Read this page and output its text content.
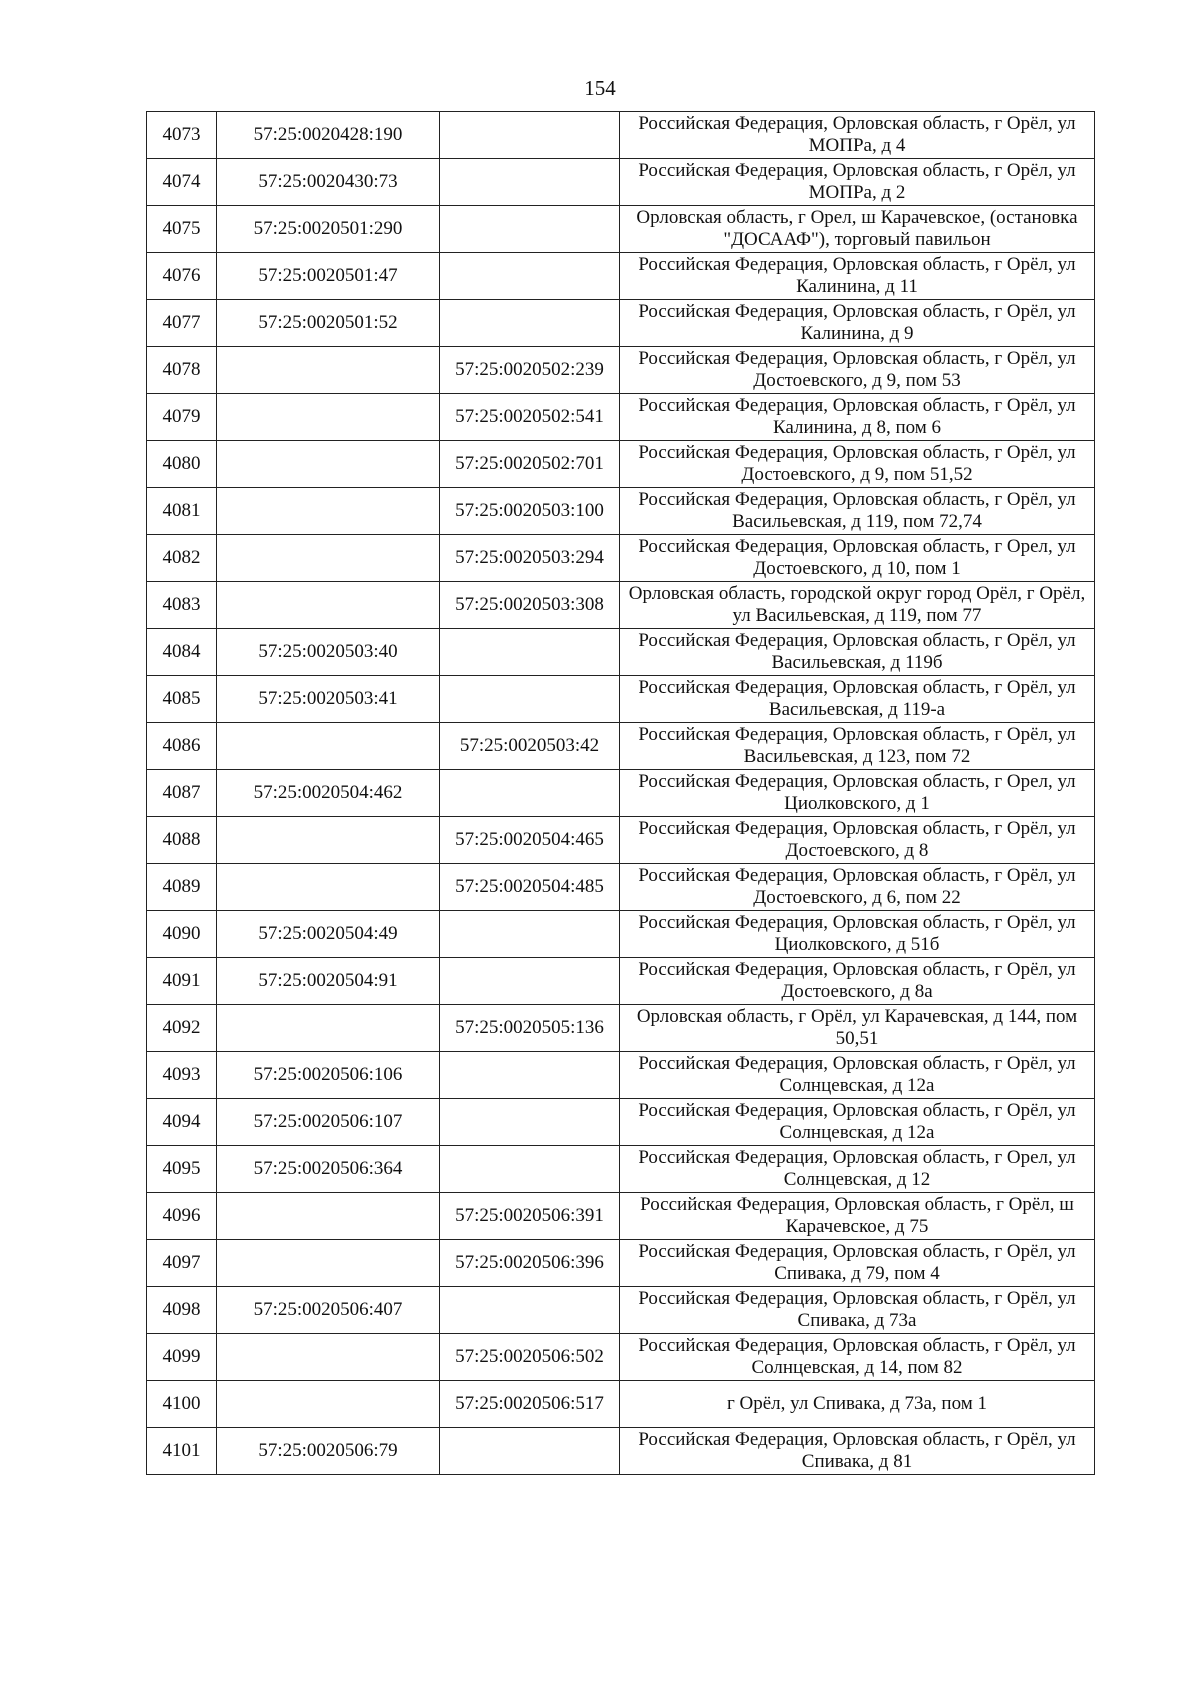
154
4073	57:25:0020428:190		Российская Федерация, Орловская область, г Орёл, ул МОПРа, д 4
4074	57:25:0020430:73		Российская Федерация, Орловская область, г Орёл, ул МОПРа, д 2
4075	57:25:0020501:290		Орловская область, г Орел, ш Карачевское, (остановка "ДОСААФ"), торговый павильон
4076	57:25:0020501:47		Российская Федерация, Орловская область, г Орёл, ул Калинина, д 11
4077	57:25:0020501:52		Российская Федерация, Орловская область, г Орёл, ул Калинина, д 9
4078		57:25:0020502:239	Российская Федерация, Орловская область, г Орёл, ул Достоевского, д 9, пом 53
4079		57:25:0020502:541	Российская Федерация, Орловская область, г Орёл, ул Калинина, д 8, пом 6
4080		57:25:0020502:701	Российская Федерация, Орловская область, г Орёл, ул Достоевского, д 9, пом 51,52
4081		57:25:0020503:100	Российская Федерация, Орловская область, г Орёл, ул Васильевская, д 119, пом 72,74
4082		57:25:0020503:294	Российская Федерация, Орловская область, г Орел, ул Достоевского, д 10, пом 1
4083		57:25:0020503:308	Орловская область, городской округ город Орёл, г Орёл, ул Васильевская, д 119, пом 77
4084	57:25:0020503:40		Российская Федерация, Орловская область, г Орёл, ул Васильевская, д 119б
4085	57:25:0020503:41		Российская Федерация, Орловская область, г Орёл, ул Васильевская, д 119-а
4086		57:25:0020503:42	Российская Федерация, Орловская область, г Орёл, ул Васильевская, д 123, пом 72
4087	57:25:0020504:462		Российская Федерация, Орловская область, г Орел, ул Циолковского, д 1
4088		57:25:0020504:465	Российская Федерация, Орловская область, г Орёл, ул Достоевского, д 8
4089		57:25:0020504:485	Российская Федерация, Орловская область, г Орёл, ул Достоевского, д 6, пом 22
4090	57:25:0020504:49		Российская Федерация, Орловская область, г Орёл, ул Циолковского, д 51б
4091	57:25:0020504:91		Российская Федерация, Орловская область, г Орёл, ул Достоевского, д 8а
4092		57:25:0020505:136	Орловская область, г Орёл, ул Карачевская, д 144, пом 50,51
4093	57:25:0020506:106		Российская Федерация, Орловская область, г Орёл, ул Солнцевская, д 12а
4094	57:25:0020506:107		Российская Федерация, Орловская область, г Орёл, ул Солнцевская, д 12а
4095	57:25:0020506:364		Российская Федерация, Орловская область, г Орел, ул Солнцевская, д 12
4096		57:25:0020506:391	Российская Федерация, Орловская область, г Орёл, ш Карачевское, д 75
4097		57:25:0020506:396	Российская Федерация, Орловская область, г Орёл, ул Спивака, д 79, пом 4
4098	57:25:0020506:407		Российская Федерация, Орловская область, г Орёл, ул Спивака, д 73а
4099		57:25:0020506:502	Российская Федерация, Орловская область, г Орёл, ул Солнцевская, д 14, пом 82
4100		57:25:0020506:517	г Орёл, ул Спивака, д 73а, пом 1
4101	57:25:0020506:79		Российская Федерация, Орловская область, г Орёл, ул Спивака, д 81
